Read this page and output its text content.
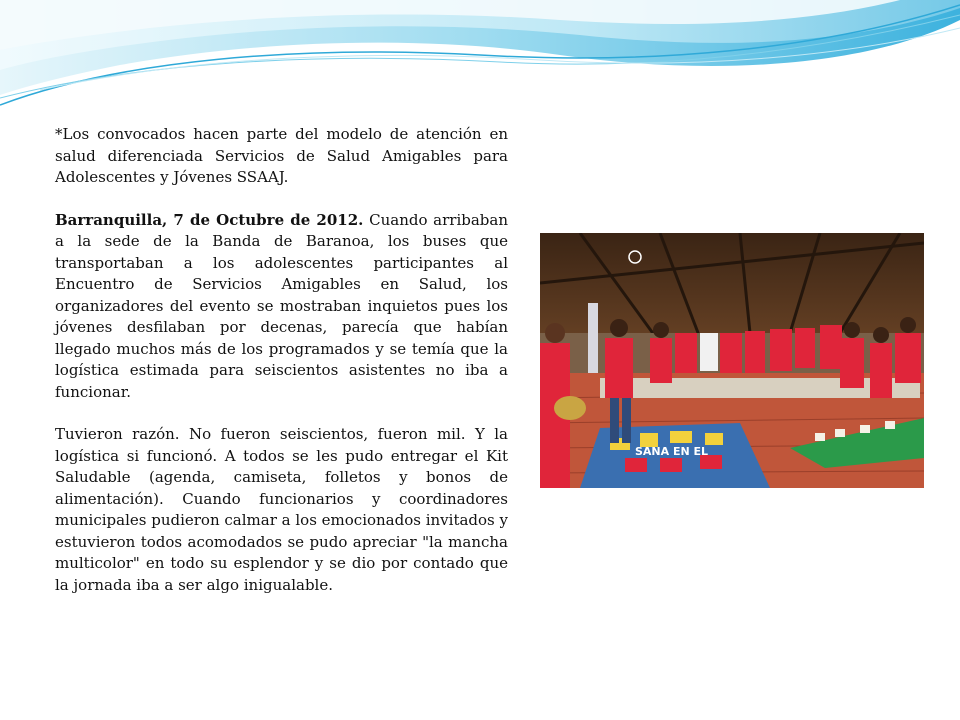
*Los convocados hacen parte del modelo de atención en salud diferenciada Servicios de Salud Amigables para Adolescentes y Jóvenes SSAAJ.

Barranquilla, 7 de Octubre de 2012. Cuando arribaban a la sede de la Banda de Baranoa, los buses que transportaban a los adolescentes participantes al Encuentro de Servicios Amigables en Salud, los organizadores del evento se mostraban inquietos pues los jóvenes desfilaban por decenas, parecía que habían llegado muchos más de los programados y se temía que la logística estimada para seiscientos asistentes no iba a funcionar.

Tuvieron razón. No fueron seiscientos, fueron mil. Y la logística si funcionó. A todos se les pudo entregar el Kit Saludable (agenda, camiseta, folletos y bonos de alimentación). Cuando funcionarios y coordinadores municipales pudieron calmar a los emocionados invitados y estuvieron todos acomodados se pudo apreciar "la mancha multicolor" en todo su esplendor y se dio por contado que la jornada iba a ser algo inigualable.

SANA EN EL
